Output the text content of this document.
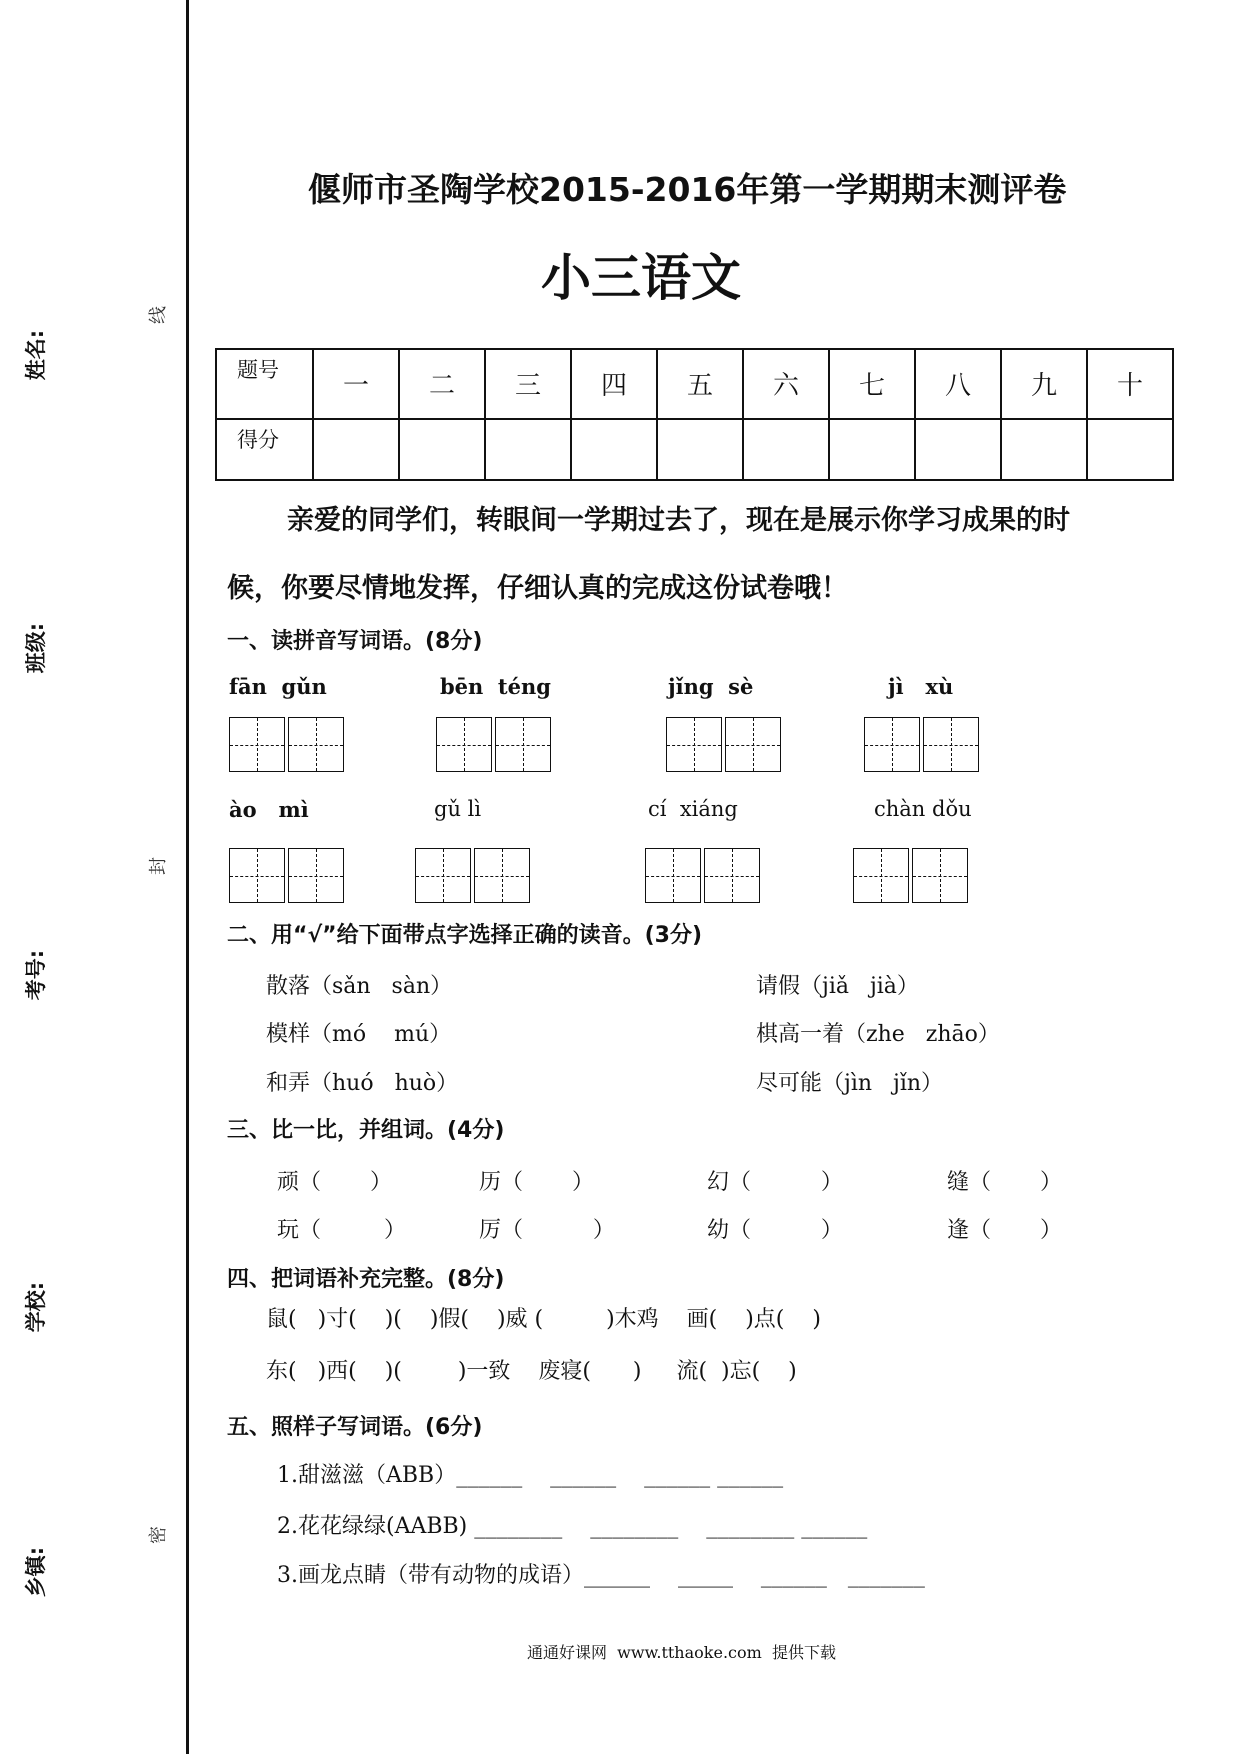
姓名:
班级:
考号:
学校:
乡镇:
线
封
密
偃师市圣陶学校2015-2016年第一学期期末测评卷
小三语文
题号	一	二	三	四	五	六	七	八	九	十
得分										
亲爱的同学们，转眼间一学期过去了，现在是展示你学习成果的时
候，你要尽情地发挥，仔细认真的完成这份试卷哦！
一、读拼音写词语。(8分)
fān  gǔn	bēn  téng	jǐng  sè	jì   xù
ào   mì	gǔ lì	cí  xiáng	chàn dǒu
二、用“√”给下面带点字选择正确的读音。(3分)
散落（sǎn   sàn）
模样（mó    mú）
和弄（huó   huò）
请假（jiǎ   jià）
棋高一着（zhe   zhāo）
尽可能（jìn   jǐn）
三、比一比，并组词。(4分)
顽（       ）	历（       ）	幻（          ）	缝（       ）
玩（         ）	厉（          ）	幼（          ）	逢（       ）
四、把词语补充完整。(8分)
鼠(   )寸(    )(    )假(    )威 (         )木鸡    画(    )点(    )
东(   )西(    )(        )一致    废寝(      )     流(  )忘(    )
五、照样子写词语。(6分)
1.甜滋滋（ABB）______    ______    ______ ______
2.花花绿绿(AABB) ________    ________    ________ ______
3.画龙点睛（带有动物的成语）______    _____    ______   _______
通通好课网  www.tthaoke.com  提供下载
